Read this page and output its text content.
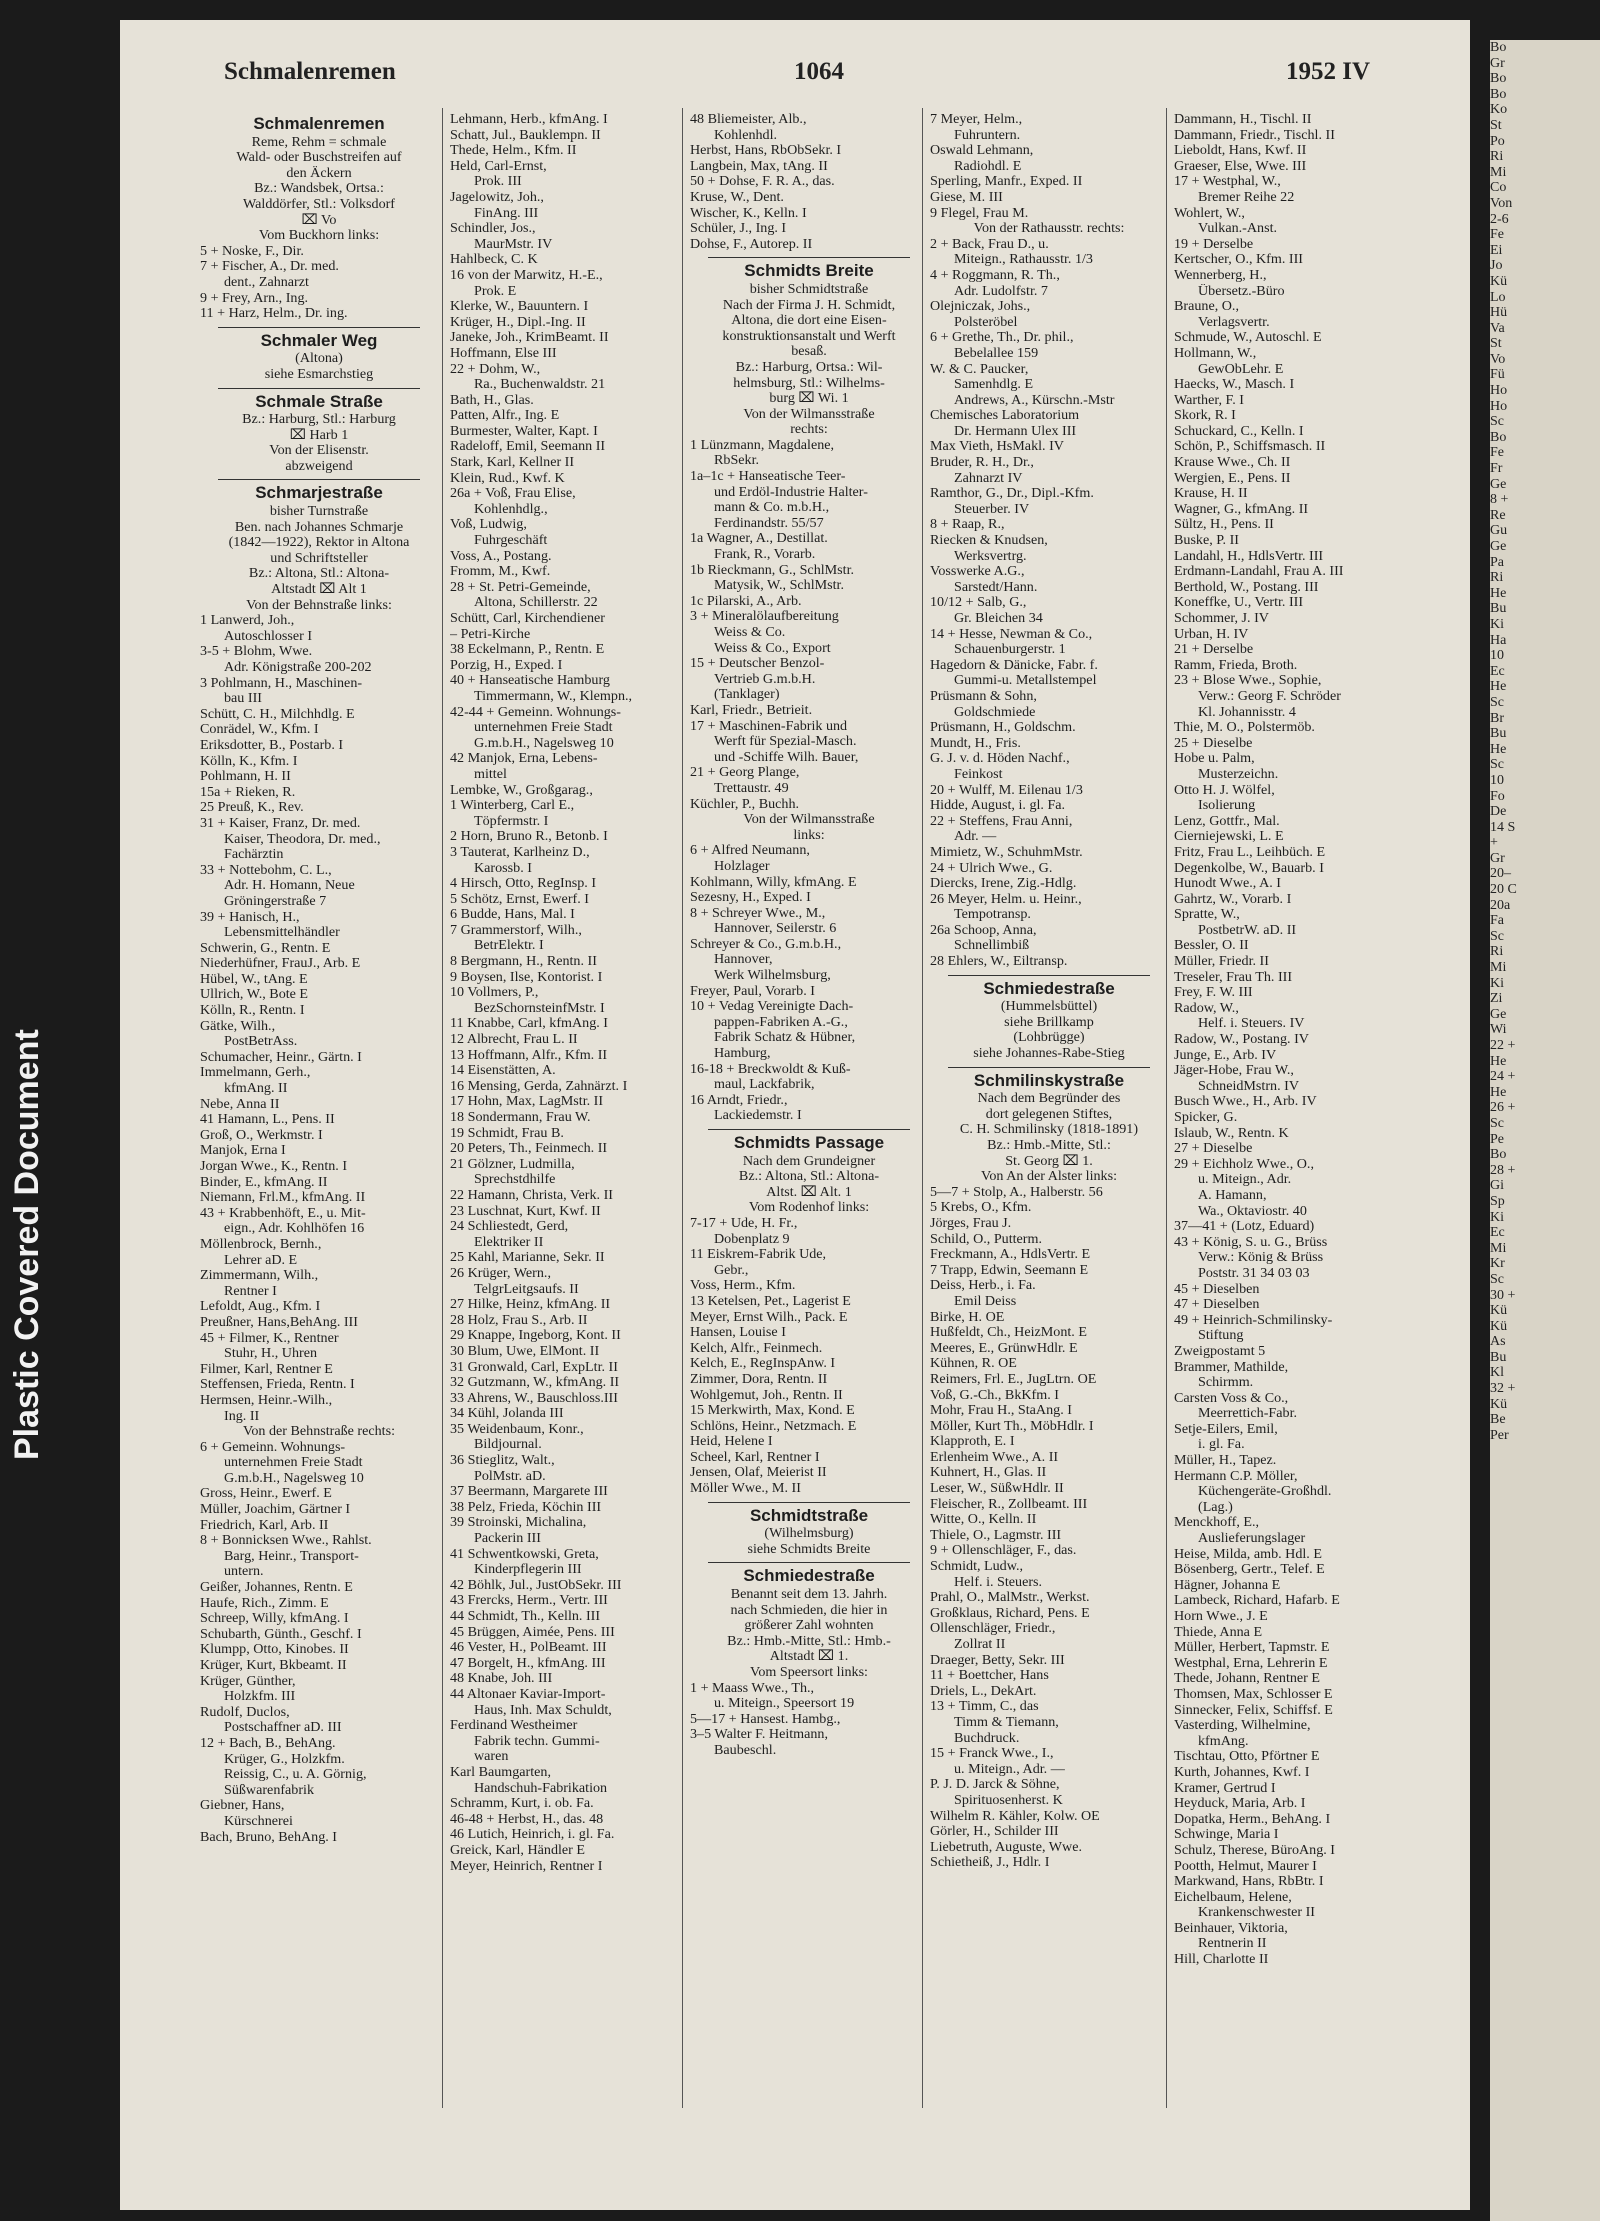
Plastic Covered Document
Schmalenremen	1064	1952 IV
Schmalenremen
Reme, Rehm = schmale
Wald- oder Buschstreifen auf
den Äckern
Bz.: Wandsbek, Ortsa.:
Walddörfer, Stl.: Volksdorf
⌧ Vo
Vom Buckhorn links:
5 + Noske, F., Dir.
7 + Fischer, A., Dr. med.
dent., Zahnarzt
9 + Frey, Arn., Ing.
11 + Harz, Helm., Dr. ing.
Schmaler Weg
(Altona)
siehe Esmarchstieg
Schmale Straße
Bz.: Harburg, Stl.: Harburg
⌧ Harb 1
Von der Elisenstr.
abzweigend
Schmarjestraße
bisher Turnstraße
Ben. nach Johannes Schmarje
(1842—1922), Rektor in Altona
und Schriftsteller
Bz.: Altona, Stl.: Altona-
Altstadt ⌧ Alt 1
Von der Behnstraße links:
1 Lanwerd, Joh.,
Autoschlosser I
3-5 + Blohm, Wwe.
Adr. Königstraße 200-202
3 Pohlmann, H., Maschinen-
bau III
Schütt, C. H., Milchhdlg. E
Conrädel, W., Kfm. I
Eriksdotter, B., Postarb. I
Kölln, K., Kfm. I
Pohlmann, H. II
15a + Rieken, R.
25 Preuß, K., Rev.
31 + Kaiser, Franz, Dr. med.
Kaiser, Theodora, Dr. med.,
Fachärztin
33 + Nottebohm, C. L.,
Adr. H. Homann, Neue
Gröningerstraße 7
39 + Hanisch, H.,
Lebensmittelhändler
Schwerin, G., Rentn. E
Niederhüfner, FrauJ., Arb. E
Hübel, W., tAng. E
Ullrich, W., Bote E
Kölln, R., Rentn. I
Gätke, Wilh.,
PostBetrAss.
Schumacher, Heinr., Gärtn. I
Immelmann, Gerh.,
kfmAng. II
Nebe, Anna II
41 Hamann, L., Pens. II
Groß, O., Werkmstr. I
Manjok, Erna I
Jorgan Wwe., K., Rentn. I
Binder, E., kfmAng. II
Niemann, Frl.M., kfmAng. II
43 + Krabbenhöft, E., u. Mit-
eign., Adr. Kohlhöfen 16
Möllenbrock, Bernh.,
Lehrer aD. E
Zimmermann, Wilh.,
Rentner I
Lefoldt, Aug., Kfm. I
Preußner, Hans,BehAng. III
45 + Filmer, K., Rentner
Stuhr, H., Uhren
Filmer, Karl, Rentner E
Steffensen, Frieda, Rentn. I
Hermsen, Heinr.-Wilh.,
Ing. II
Von der Behnstraße rechts:
6 + Gemeinn. Wohnungs-
unternehmen Freie Stadt
G.m.b.H., Nagelsweg 10
Gross, Heinr., Ewerf. E
Müller, Joachim, Gärtner I
Friedrich, Karl, Arb. II
8 + Bonnicksen Wwe., Rahlst.
Barg, Heinr., Transport-
untern.
Geißer, Johannes, Rentn. E
Haufe, Rich., Zimm. E
Schreep, Willy, kfmAng. I
Schubarth, Günth., Geschf. I
Klumpp, Otto, Kinobes. II
Krüger, Kurt, Bkbeamt. II
Krüger, Günther,
Holzkfm. III
Rudolf, Duclos,
Postschaffner aD. III
12 + Bach, B., BehAng.
Krüger, G., Holzkfm.
Reissig, C., u. A. Görnig,
Süßwarenfabrik
Giebner, Hans,
Kürschnerei
Bach, Bruno, BehAng. I
Lehmann, Herb., kfmAng. I
Schatt, Jul., Bauklempn. II
Thede, Helm., Kfm. II
Held, Carl-Ernst,
Prok. III
Jagelowitz, Joh.,
FinAng. III
Schindler, Jos.,
MaurMstr. IV
Hahlbeck, C. K
16 von der Marwitz, H.-E.,
Prok. E
Klerke, W., Bauuntern. I
Krüger, H., Dipl.-Ing. II
Janeke, Joh., KrimBeamt. II
Hoffmann, Else III
22 + Dohm, W.,
Ra., Buchenwaldstr. 21
Bath, H., Glas.
Patten, Alfr., Ing. E
Burmester, Walter, Kapt. I
Radeloff, Emil, Seemann II
Stark, Karl, Kellner II
Klein, Rud., Kwf. K
26a + Voß, Frau Elise,
Kohlenhdlg.,
Voß, Ludwig,
Fuhrgeschäft
Voss, A., Postang.
Fromm, M., Kwf.
28 + St. Petri-Gemeinde,
Altona, Schillerstr. 22
Schütt, Carl, Kirchendiener
– Petri-Kirche
38 Eckelmann, P., Rentn. E
Porzig, H., Exped. I
40 + Hanseatische Hamburg
Timmermann, W., Klempn.,
42-44 + Gemeinn. Wohnungs-
unternehmen Freie Stadt
G.m.b.H., Nagelsweg 10
42 Manjok, Erna, Lebens-
mittel
Lembke, W., Großgarag.,
1 Winterberg, Carl E.,
Töpfermstr. I
2 Horn, Bruno R., Betonb. I
3 Tauterat, Karlheinz D.,
Karossb. I
4 Hirsch, Otto, RegInsp. I
5 Schötz, Ernst, Ewerf. I
6 Budde, Hans, Mal. I
7 Grammerstorf, Wilh.,
BetrElektr. I
8 Bergmann, H., Rentn. II
9 Boysen, Ilse, Kontorist. I
10 Vollmers, P.,
BezSchornsteinfMstr. I
11 Knabbe, Carl, kfmAng. I
12 Albrecht, Frau L. II
13 Hoffmann, Alfr., Kfm. II
14 Eisenstätten, A.
16 Mensing, Gerda, Zahnärzt. I
17 Hohn, Max, LagMstr. II
18 Sondermann, Frau W.
19 Schmidt, Frau B.
20 Peters, Th., Feinmech. II
21 Gölzner, Ludmilla,
Sprechstdhilfe
22 Hamann, Christa, Verk. II
23 Luschnat, Kurt, Kwf. II
24 Schliestedt, Gerd,
Elektriker II
25 Kahl, Marianne, Sekr. II
26 Krüger, Wern.,
TelgrLeitgsaufs. II
27 Hilke, Heinz, kfmAng. II
28 Holz, Frau S., Arb. II
29 Knappe, Ingeborg, Kont. II
30 Blum, Uwe, ElMont. II
31 Gronwald, Carl, ExpLtr. II
32 Gutzmann, W., kfmAng. II
33 Ahrens, W., Bauschloss.III
34 Kühl, Jolanda III
35 Weidenbaum, Konr.,
Bildjournal.
36 Stieglitz, Walt.,
PolMstr. aD.
37 Beermann, Margarete III
38 Pelz, Frieda, Köchin III
39 Stroinski, Michalina,
Packerin III
41 Schwentkowski, Greta,
Kinderpflegerin III
42 Böhlk, Jul., JustObSekr. III
43 Frercks, Herm., Vertr. III
44 Schmidt, Th., Kelln. III
45 Brüggen, Aimée, Pens. III
46 Vester, H., PolBeamt. III
47 Borgelt, H., kfmAng. III
48 Knabe, Joh. III
44 Altonaer Kaviar-Import-
Haus, Inh. Max Schuldt,
Ferdinand Westheimer
Fabrik techn. Gummi-
waren
Karl Baumgarten,
Handschuh-Fabrikation
Schramm, Kurt, i. ob. Fa.
46-48 + Herbst, H., das. 48
46 Lutich, Heinrich, i. gl. Fa.
Greick, Karl, Händler E
Meyer, Heinrich, Rentner I
48 Bliemeister, Alb.,
Kohlenhdl.
Herbst, Hans, RbObSekr. I
Langbein, Max, tAng. II
50 + Dohse, F. R. A., das.
Kruse, W., Dent.
Wischer, K., Kelln. I
Schüler, J., Ing. I
Dohse, F., Autorep. II
Schmidts Breite
bisher Schmidtstraße
Nach der Firma J. H. Schmidt,
Altona, die dort eine Eisen-
konstruktionsanstalt und Werft
besaß.
Bz.: Harburg, Ortsa.: Wil-
helmsburg, Stl.: Wilhelms-
burg ⌧ Wi. 1
Von der Wilmansstraße
rechts:
1 Lünzmann, Magdalene,
RbSekr.
1a–1c + Hanseatische Teer-
und Erdöl-Industrie Halter-
mann & Co. m.b.H.,
Ferdinandstr. 55/57
1a Wagner, A., Destillat.
Frank, R., Vorarb.
1b Rieckmann, G., SchlMstr.
Matysik, W., SchlMstr.
1c Pilarski, A., Arb.
3 + Mineralölaufbereitung
Weiss & Co.
Weiss & Co., Export
15 + Deutscher Benzol-
Vertrieb G.m.b.H.
(Tanklager)
Karl, Friedr., Betrieit.
17 + Maschinen-Fabrik und
Werft für Spezial-Masch.
und -Schiffe Wilh. Bauer,
21 + Georg Plange,
Trettaustr. 49
Küchler, P., Buchh.
Von der Wilmansstraße
links:
6 + Alfred Neumann,
Holzlager
Kohlmann, Willy, kfmAng. E
Sezesny, H., Exped. I
8 + Schreyer Wwe., M.,
Hannover, Seilerstr. 6
Schreyer & Co., G.m.b.H.,
Hannover,
Werk Wilhelmsburg,
Freyer, Paul, Vorarb. I
10 + Vedag Vereinigte Dach-
pappen-Fabriken A.-G.,
Fabrik Schatz & Hübner,
Hamburg,
16-18 + Breckwoldt & Kuß-
maul, Lackfabrik,
16 Arndt, Friedr.,
Lackiedemstr. I
Schmidts Passage
Nach dem Grundeigner
Bz.: Altona, Stl.: Altona-
Altst. ⌧ Alt. 1
Vom Rodenhof links:
7-17 + Ude, H. Fr.,
Dobenplatz 9
11 Eiskrem-Fabrik Ude,
Gebr.,
Voss, Herm., Kfm.
13 Ketelsen, Pet., Lagerist E
Meyer, Ernst Wilh., Pack. E
Hansen, Louise I
Kelch, Alfr., Feinmech.
Kelch, E., RegInspAnw. I
Zimmer, Dora, Rentn. II
Wohlgemut, Joh., Rentn. II
15 Merkwirth, Max, Kond. E
Schlöns, Heinr., Netzmach. E
Heid, Helene I
Scheel, Karl, Rentner I
Jensen, Olaf, Meierist II
Möller Wwe., M. II
Schmidtstraße
(Wilhelmsburg)
siehe Schmidts Breite
Schmiedestraße
Benannt seit dem 13. Jahrh.
nach Schmieden, die hier in
größerer Zahl wohnten
Bz.: Hmb.-Mitte, Stl.: Hmb.-
Altstadt ⌧ 1.
Vom Speersort links:
1 + Maass Wwe., Th.,
u. Miteign., Speersort 19
5—17 + Hansest. Hambg.,
3–5 Walter F. Heitmann,
Baubeschl.
7 Meyer, Helm.,
Fuhruntern.
Oswald Lehmann,
Radiohdl. E
Sperling, Manfr., Exped. II
Giese, M. III
9 Flegel, Frau M.
Von der Rathausstr. rechts:
2 + Back, Frau D., u.
Miteign., Rathausstr. 1/3
4 + Roggmann, R. Th.,
Adr. Ludolfstr. 7
Olejniczak, Johs.,
Polsteröbel
6 + Grethe, Th., Dr. phil.,
Bebelallee 159
W. & C. Paucker,
Samenhdlg. E
Andrews, A., Kürschn.-Mstr
Chemisches Laboratorium
Dr. Hermann Ulex III
Max Vieth, HsMakl. IV
Bruder, R. H., Dr.,
Zahnarzt IV
Ramthor, G., Dr., Dipl.-Kfm.
Steuerber. IV
8 + Raap, R.,
Riecken & Knudsen,
Werksvertrg.
Vosswerke A.G.,
Sarstedt/Hann.
10/12 + Salb, G.,
Gr. Bleichen 34
14 + Hesse, Newman & Co.,
Schauenburgerstr. 1
Hagedorn & Dänicke, Fabr. f.
Gummi-u. Metallstempel
Prüsmann & Sohn,
Goldschmiede
Prüsmann, H., Goldschm.
Mundt, H., Fris.
G. J. v. d. Höden Nachf.,
Feinkost
20 + Wulff, M. Eilenau 1/3
Hidde, August, i. gl. Fa.
22 + Steffens, Frau Anni,
Adr. —
Mimietz, W., SchuhmMstr.
24 + Ulrich Wwe., G.
Diercks, Irene, Zig.-Hdlg.
26 Meyer, Helm. u. Heinr.,
Tempotransp.
26a Schoop, Anna,
Schnellimbiß
28 Ehlers, W., Eiltransp.
Schmiedestraße
(Hummelsbüttel)
siehe Brillkamp
(Lohbrügge)
siehe Johannes-Rabe-Stieg
Schmilinskystraße
Nach dem Begründer des
dort gelegenen Stiftes,
C. H. Schmilinsky (1818-1891)
Bz.: Hmb.-Mitte, Stl.:
St. Georg ⌧ 1.
Von An der Alster links:
5—7 + Stolp, A., Halberstr. 56
5 Krebs, O., Kfm.
Jörges, Frau J.
Schild, O., Putterm.
Freckmann, A., HdlsVertr. E
7 Trapp, Edwin, Seemann E
Deiss, Herb., i. Fa.
Emil Deiss
Birke, H. OE
Hußfeldt, Ch., HeizMont. E
Meeres, E., GrünwHdlr. E
Kühnen, R. OE
Reimers, Frl. E., JugLtrn. OE
Voß, G.-Ch., BkKfm. I
Mohr, Frau H., StaAng. I
Möller, Kurt Th., MöbHdlr. I
Klapproth, E. I
Erlenheim Wwe., A. II
Kuhnert, H., Glas. II
Leser, W., SüßwHdlr. II
Fleischer, R., Zollbeamt. III
Witte, O., Kelln. II
Thiele, O., Lagmstr. III
9 + Ollenschläger, F., das.
Schmidt, Ludw.,
Helf. i. Steuers.
Prahl, O., MalMstr., Werkst.
Großklaus, Richard, Pens. E
Ollenschläger, Friedr.,
Zollrat II
Draeger, Betty, Sekr. III
11 + Boettcher, Hans
Driels, L., DekArt.
13 + Timm, C., das
Timm & Tiemann,
Buchdruck.
15 + Franck Wwe., I.,
u. Miteign., Adr. —
P. J. D. Jarck & Söhne,
Spirituosenherst. K
Wilhelm R. Kähler, Kolw. OE
Görler, H., Schilder III
Liebetruth, Auguste, Wwe.
Schietheiß, J., Hdlr. I
Dammann, H., Tischl. II
Dammann, Friedr., Tischl. II
Lieboldt, Hans, Kwf. II
Graeser, Else, Wwe. III
17 + Westphal, W.,
Bremer Reihe 22
Wohlert, W.,
Vulkan.-Anst.
19 + Derselbe
Kertscher, O., Kfm. III
Wennerberg, H.,
Übersetz.-Büro
Braune, O.,
Verlagsvertr.
Schmude, W., Autoschl. E
Hollmann, W.,
GewObLehr. E
Haecks, W., Masch. I
Warther, F. I
Skork, R. I
Schuckard, C., Kelln. I
Schön, P., Schiffsmasch. II
Krause Wwe., Ch. II
Wergien, E., Pens. II
Krause, H. II
Wagner, G., kfmAng. II
Sültz, H., Pens. II
Buske, P. II
Landahl, H., HdlsVertr. III
Erdmann-Landahl, Frau A. III
Berthold, W., Postang. III
Koneffke, U., Vertr. III
Schommer, J. IV
Urban, H. IV
21 + Derselbe
Ramm, Frieda, Broth.
23 + Blose Wwe., Sophie,
Verw.: Georg F. Schröder
Kl. Johannisstr. 4
Thie, M. O., Polstermöb.
25 + Dieselbe
Hobe u. Palm,
Musterzeichn.
Otto H. J. Wölfel,
Isolierung
Lenz, Gottfr., Mal.
Cierniejewski, L. E
Fritz, Frau L., Leihbüch. E
Degenkolbe, W., Bauarb. I
Hunodt Wwe., A. I
Gahrtz, W., Vorarb. I
Spratte, W.,
PostbetrW. aD. II
Bessler, O. II
Müller, Friedr. II
Treseler, Frau Th. III
Frey, F. W. III
Radow, W.,
Helf. i. Steuers. IV
Radow, W., Postang. IV
Junge, E., Arb. IV
Jäger-Hobe, Frau W.,
SchneidMstrn. IV
Busch Wwe., H., Arb. IV
Spicker, G.
Islaub, W., Rentn. K
27 + Dieselbe
29 + Eichholz Wwe., O.,
u. Miteign., Adr.
A. Hamann,
Wa., Oktaviostr. 40
37—41 + (Lotz, Eduard)
43 + König, S. u. G., Brüss
Verw.: König & Brüss
Poststr. 31 34 03 03
45 + Dieselben
47 + Dieselben
49 + Heinrich-Schmilinsky-
Stiftung
Zweigpostamt 5
Brammer, Mathilde,
Schirmm.
Carsten Voss & Co.,
Meerrettich-Fabr.
Setje-Eilers, Emil,
i. gl. Fa.
Müller, H., Tapez.
Hermann C.P. Möller,
Küchengeräte-Großhdl.
(Lag.)
Menckhoff, E.,
Auslieferungslager
Heise, Milda, amb. Hdl. E
Bösenberg, Gertr., Telef. E
Hägner, Johanna E
Lambeck, Richard, Hafarb. E
Horn Wwe., J. E
Thiede, Anna E
Müller, Herbert, Tapmstr. E
Westphal, Erna, Lehrerin E
Thede, Johann, Rentner E
Thomsen, Max, Schlosser E
Sinnecker, Felix, Schiffsf. E
Vasterding, Wilhelmine,
kfmAng.
Tischtau, Otto, Pförtner E
Kurth, Johannes, Kwf. I
Kramer, Gertrud I
Heyduck, Maria, Arb. I
Dopatka, Herm., BehAng. I
Schwinge, Maria I
Schulz, Therese, BüroAng. I
Pootth, Helmut, Maurer I
Markwand, Hans, RbBtr. I
Eichelbaum, Helene,
Krankenschwester II
Beinhauer, Viktoria,
Rentnerin II
Hill, Charlotte II
Bo
Gr
Bo
Bo
Ko
St
Po
Ri
Mi
Co
Von
2-6
Fe
Ei
Jo
Kü
Lo
Hü
Va
St
Vo
Fü
Ho
Ho
Sc
Bo
Fe
Fr
Ge
8 +
Re
Gu
Ge
Pa
Ri
He
Bu
Ki
Ha
10
Ec
He
Sc
Br
Bu
He
Sc
10
Fo
De
14 S
+
Gr
20–
20 C
20a
Fa
Sc
Ri
Mi
Ki
Zi
Ge
Wi
22 +
He
24 +
He
26 +
Sc
Pe
Bo
28 +
Gi
Sp
Ki
Ec
Mi
Kr
Sc
30 +
Kü
Kü
As
Bu
Kl
32 +
Kü
Be
Per
